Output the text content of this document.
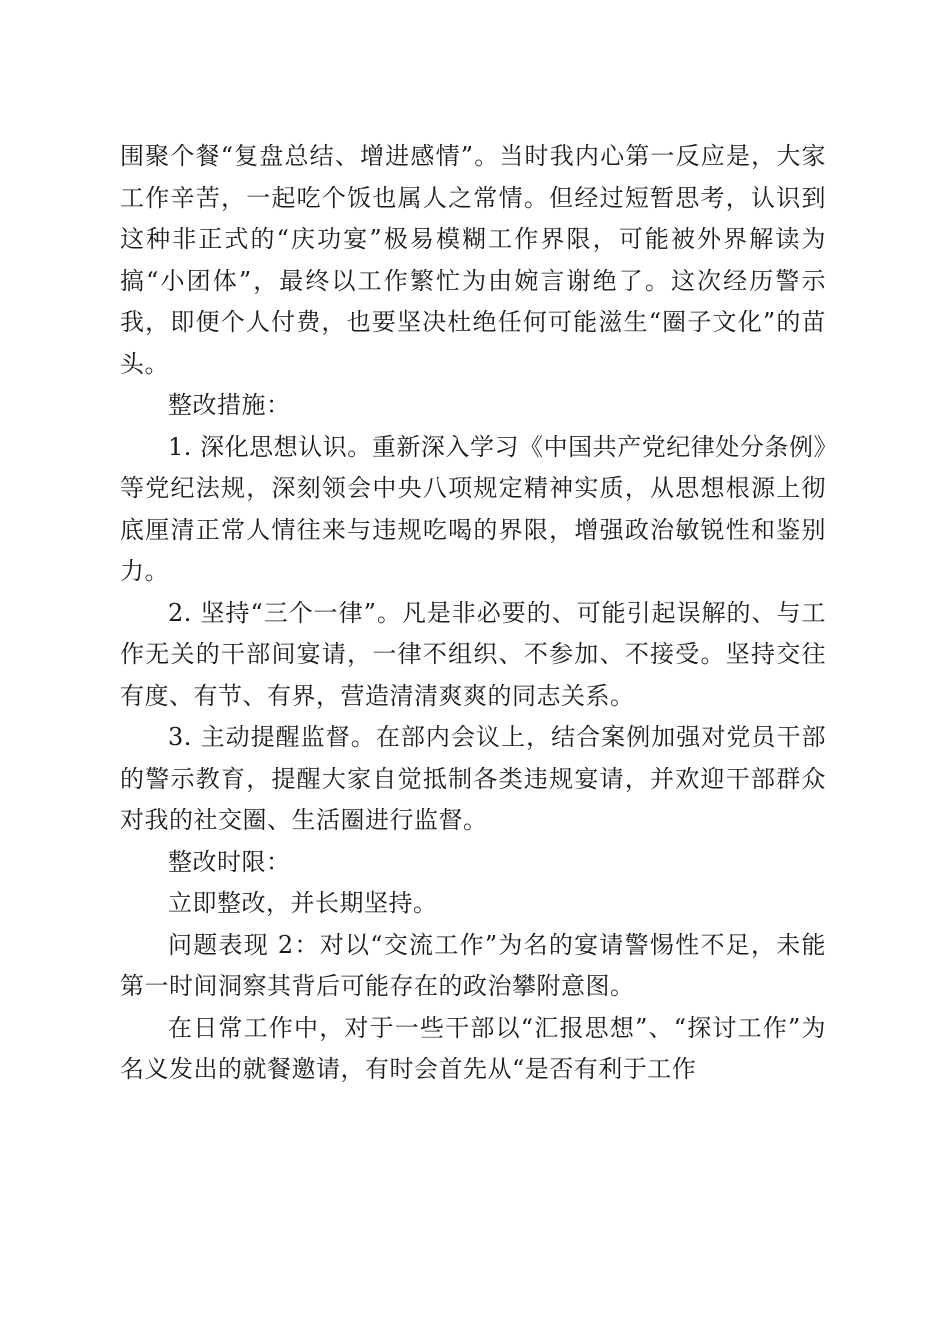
围聚个餐“复盘总结、增进感情”。当时我内心第一反应是，大家工作辛苦，一起吃个饭也属人之常情。但经过短暂思考，认识到这种非正式的“庆功宴”极易模糊工作界限，可能被外界解读为搞“小团体”，最终以工作繁忙为由婉言谢绝了。这次经历警示我，即便个人付费，也要坚决杜绝任何可能滋生“圈子文化”的苗头。

整改措施：

1. 深化思想认识。重新深入学习《中国共产党纪律处分条例》等党纪法规，深刻领会中央八项规定精神实质，从思想根源上彻底厘清正常人情往来与违规吃喝的界限，增强政治敏锐性和鉴别力。

2. 坚持“三个一律”。凡是非必要的、可能引起误解的、与工作无关的干部间宴请，一律不组织、不参加、不接受。坚持交往有度、有节、有界，营造清清爽爽的同志关系。

3. 主动提醒监督。在部内会议上，结合案例加强对党员干部的警示教育，提醒大家自觉抵制各类违规宴请，并欢迎干部群众对我的社交圈、生活圈进行监督。

整改时限：

立即整改，并长期坚持。

问题表现 2：对以“交流工作”为名的宴请警惕性不足，未能第一时间洞察其背后可能存在的政治攀附意图。

在日常工作中，对于一些干部以“汇报思想”、“探讨工作”为名义发出的就餐邀请，有时会首先从“是否有利于工作
